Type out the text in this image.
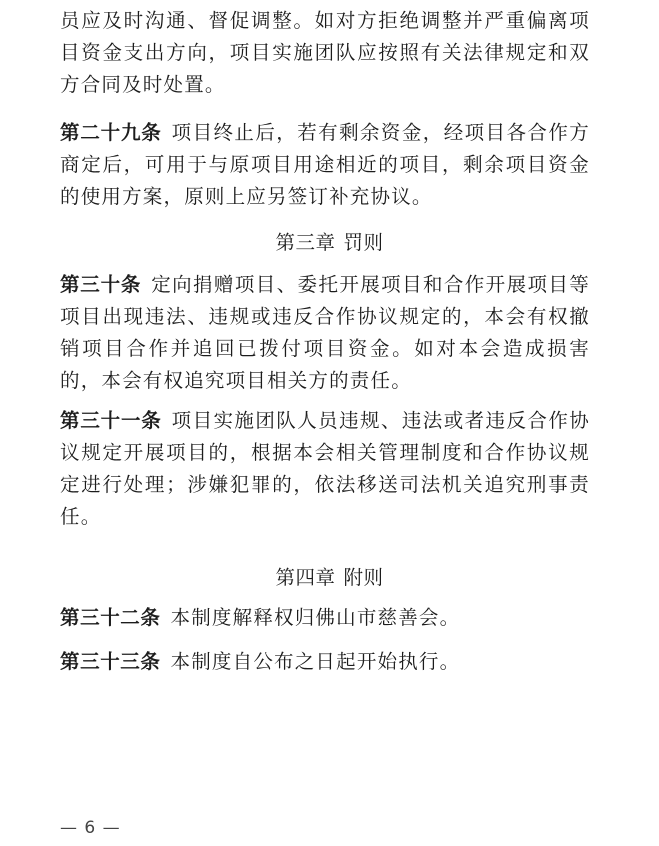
员应及时沟通、督促调整。如对方拒绝调整并严重偏离项目资金支出方向，项目实施团队应按照有关法律规定和双方合同及时处置。

第二十九条 项目终止后，若有剩余资金，经项目各合作方商定后，可用于与原项目用途相近的项目，剩余项目资金的使用方案，原则上应另签订补充协议。

第三章 罚则

第三十条 定向捐赠项目、委托开展项目和合作开展项目等项目出现违法、违规或违反合作协议规定的，本会有权撤销项目合作并追回已拨付项目资金。如对本会造成损害的，本会有权追究项目相关方的责任。

第三十一条 项目实施团队人员违规、违法或者违反合作协议规定开展项目的，根据本会相关管理制度和合作协议规定进行处理；涉嫌犯罪的，依法移送司法机关追究刑事责任。

第四章 附则

第三十二条 本制度解释权归佛山市慈善会。

第三十三条 本制度自公布之日起开始执行。

— 6 —
